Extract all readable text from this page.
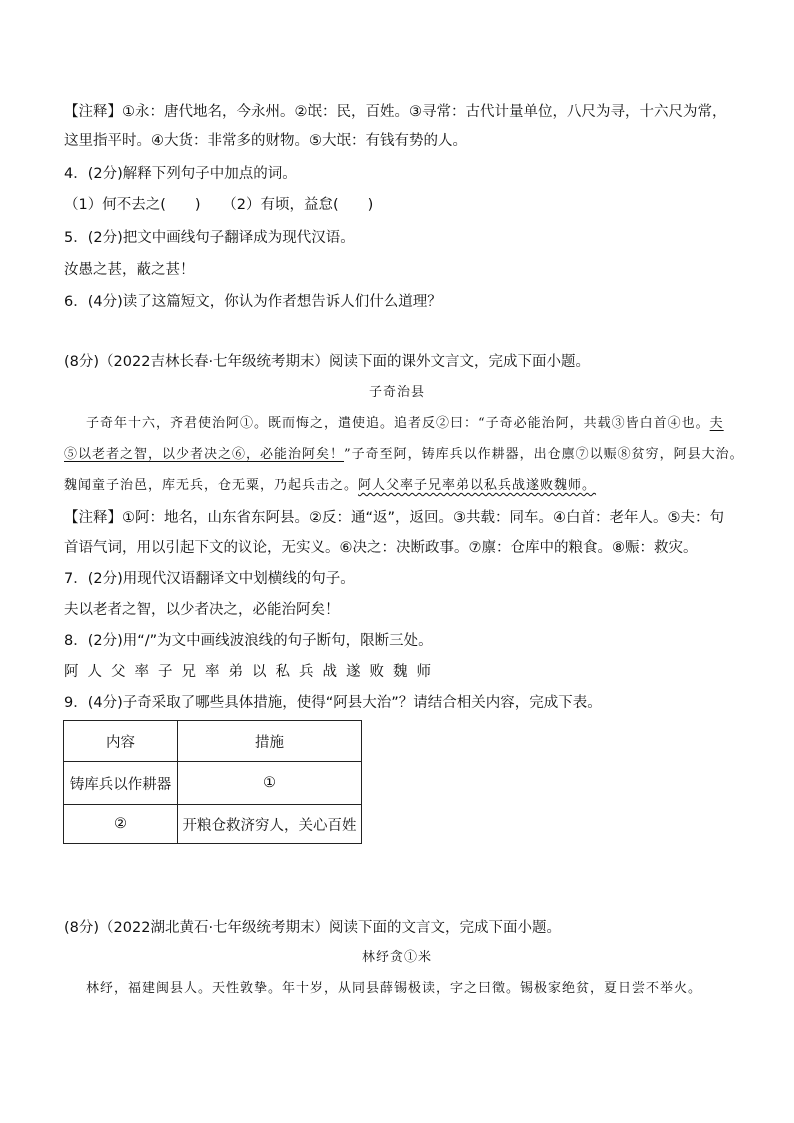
【注释】①永：唐代地名，今永州。②氓：民，百姓。③寻常：古代计量单位，八尺为寻，十六尺为常，
这里指平时。④大货：非常多的财物。⑤大氓：有钱有势的人。
4．(2分)解释下列句子中加点的词。
（1）何不去之(　　)　　（2）有顷，益怠(　　)
5．(2分)把文中画线句子翻译成为现代汉语。
汝愚之甚，蔽之甚！
6．(4分)读了这篇短文，你认为作者想告诉人们什么道理？
(8分)（2022吉林长春·七年级统考期末）阅读下面的课外文言文，完成下面小题。
子奇治县
子奇年十六，齐君使治阿①。既而悔之，遣使追。追者反②曰：“子奇必能治阿，共载③皆白首④也。夫
⑤以老者之智，以少者决之⑥，必能治阿矣！”子奇至阿，铸库兵以作耕器，出仓廪⑦以赈⑧贫穷，阿县大治。
魏闻童子治邑，库无兵，仓无粟，乃起兵击之。阿人父率子兄率弟以私兵战遂败魏师。
【注释】①阿：地名，山东省东阿县。②反：通“返”，返回。③共载：同车。④白首：老年人。⑤夫：句
首语气词，用以引起下文的议论，无实义。⑥决之：决断政事。⑦廪：仓库中的粮食。⑧赈：救灾。
7．(2分)用现代汉语翻译文中划横线的句子。
夫以老者之智，以少者决之，必能治阿矣！
8．(2分)用“/”为文中画线波浪线的句子断句，限断三处。
阿人父率子兄率弟以私兵战遂败魏师
9．(4分)子奇采取了哪些具体措施，使得“阿县大治”？请结合相关内容，完成下表。
内容	措施
铸库兵以作耕器	①
②	开粮仓救济穷人，关心百姓
(8分)（2022湖北黄石·七年级统考期末）阅读下面的文言文，完成下面小题。
林纾贪①米
林纾，福建闽县人。天性敦挚。年十岁，从同县薛锡极读，字之曰徵。锡极家绝贫，夏日尝不举火。
